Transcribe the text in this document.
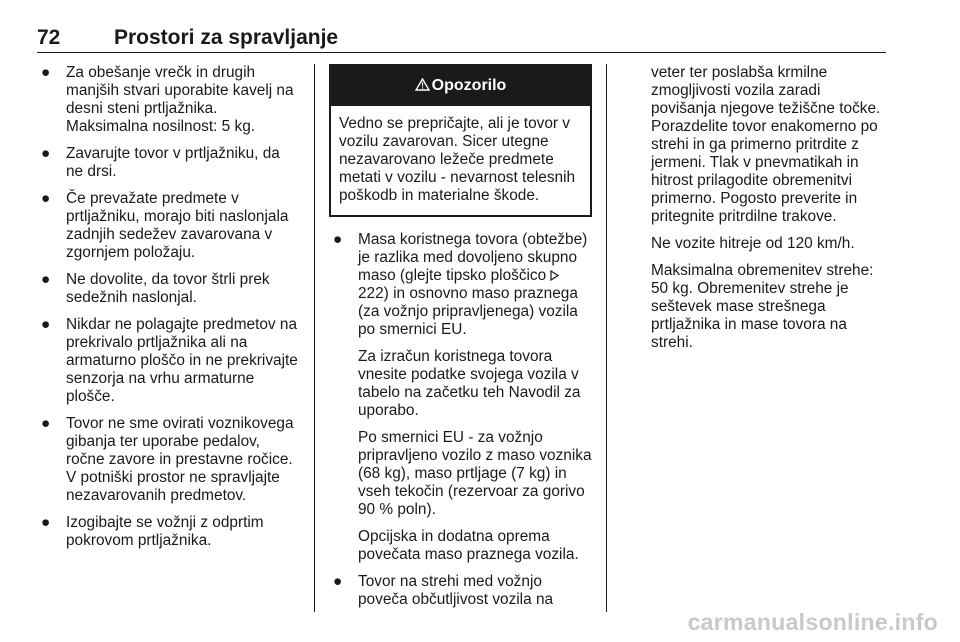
72	Prostori za spravljanje
● Za obešanje vrečk in drugih manjših stvari uporabite kavelj na desni steni prtljažnika. Maksimalna nosilnost: 5 kg.
● Zavarujte tovor v prtljažniku, da ne drsi.
● Če prevažate predmete v prtljažniku, morajo biti naslonjala zadnjih sedežev zavarovana v zgornjem položaju.
● Ne dovolite, da tovor štrli prek sedežnih naslonjal.
● Nikdar ne polagajte predmetov na prekrivalo prtljažnika ali na armaturno ploščo in ne prekrivajte senzorja na vrhu armaturne plošče.
● Tovor ne sme ovirati voznikovega gibanja ter uporabe pedalov, ročne zavore in prestavne ročice. V potniški prostor ne spravljajte nezavarovanih predmetov.
● Izogibajte se vožnji z odprtim pokrovom prtljažnika.
Opozorilo
Vedno se prepričajte, ali je tovor v vozilu zavarovan. Sicer utegne nezavarovano ležeče predmete metati v vozilu - nevarnost telesnih poškodb in materialne škode.
● Masa koristnega tovora (obtežbe) je razlika med dovoljeno skupno maso (glejte tipsko ploščico  222) in osnovno maso praznega (za vožnjo pripravljenega) vozila po smernici EU.
Za izračun koristnega tovora vnesite podatke svojega vozila v tabelo na začetku teh Navodil za uporabo.
Po smernici EU - za vožnjo pripravljeno vozilo z maso voznika (68 kg), maso prtljage (7 kg) in vseh tekočin (rezervoar za gorivo 90 % poln).
Opcijska in dodatna oprema povečata maso praznega vozila.
● Tovor na strehi med vožnjo poveča občutljivost vozila na

veter ter poslabša krmilne zmogljivosti vozila zaradi povišanja njegove težiščne točke. Porazdelite tovor enakomerno po strehi in ga primerno pritrdite z jermeni. Tlak v pnevmatikah in hitrost prilagodite obremenitvi primerno. Pogosto preverite in pritegnite pritrdilne trakove.

Ne vozite hitreje od 120 km/h.

Maksimalna obremenitev strehe: 50 kg. Obremenitev strehe je seštevek mase strešnega prtljažnika in mase tovora na strehi.

carmanualsonline.info
